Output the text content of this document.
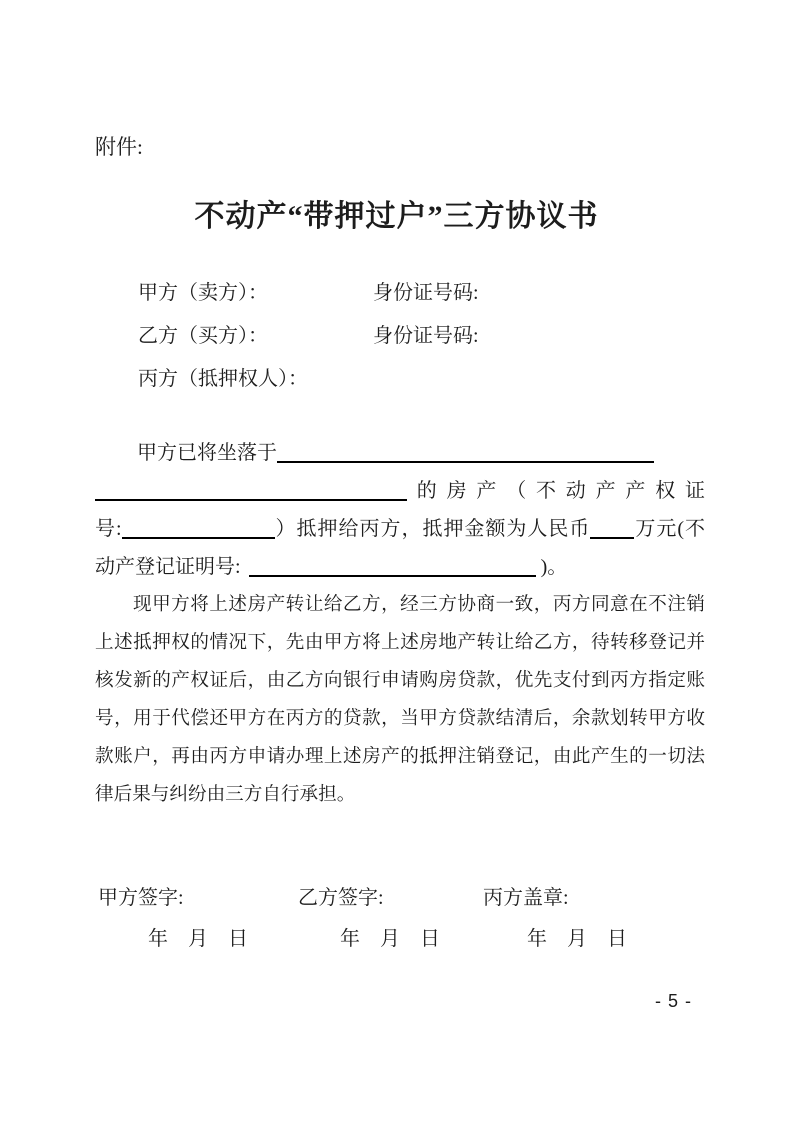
附件:
不动产“带押过户”三方协议书
甲方（卖方）：	身份证号码:
乙方（买方）：	身份证号码:
丙方（抵押权人）：
甲方已将坐落于
的房产（不动产产权证
号:	）抵押给丙方，抵押金额为人民币 万元(不
动产登记证明号:	)。
现甲方将上述房产转让给乙方，经三方协商一致，丙方同意在不注销
上述抵押权的情况下，先由甲方将上述房地产转让给乙方，待转移登记并
核发新的产权证后，由乙方向银行申请购房贷款，优先支付到丙方指定账
号，用于代偿还甲方在丙方的贷款，当甲方贷款结清后，余款划转甲方收
款账户，再由丙方申请办理上述房产的抵押注销登记，由此产生的一切法
律后果与纠纷由三方自行承担。
甲方签字:	乙方签字:	丙方盖章:
年　月　日	年　月　日	年　月　日
- 5 -
